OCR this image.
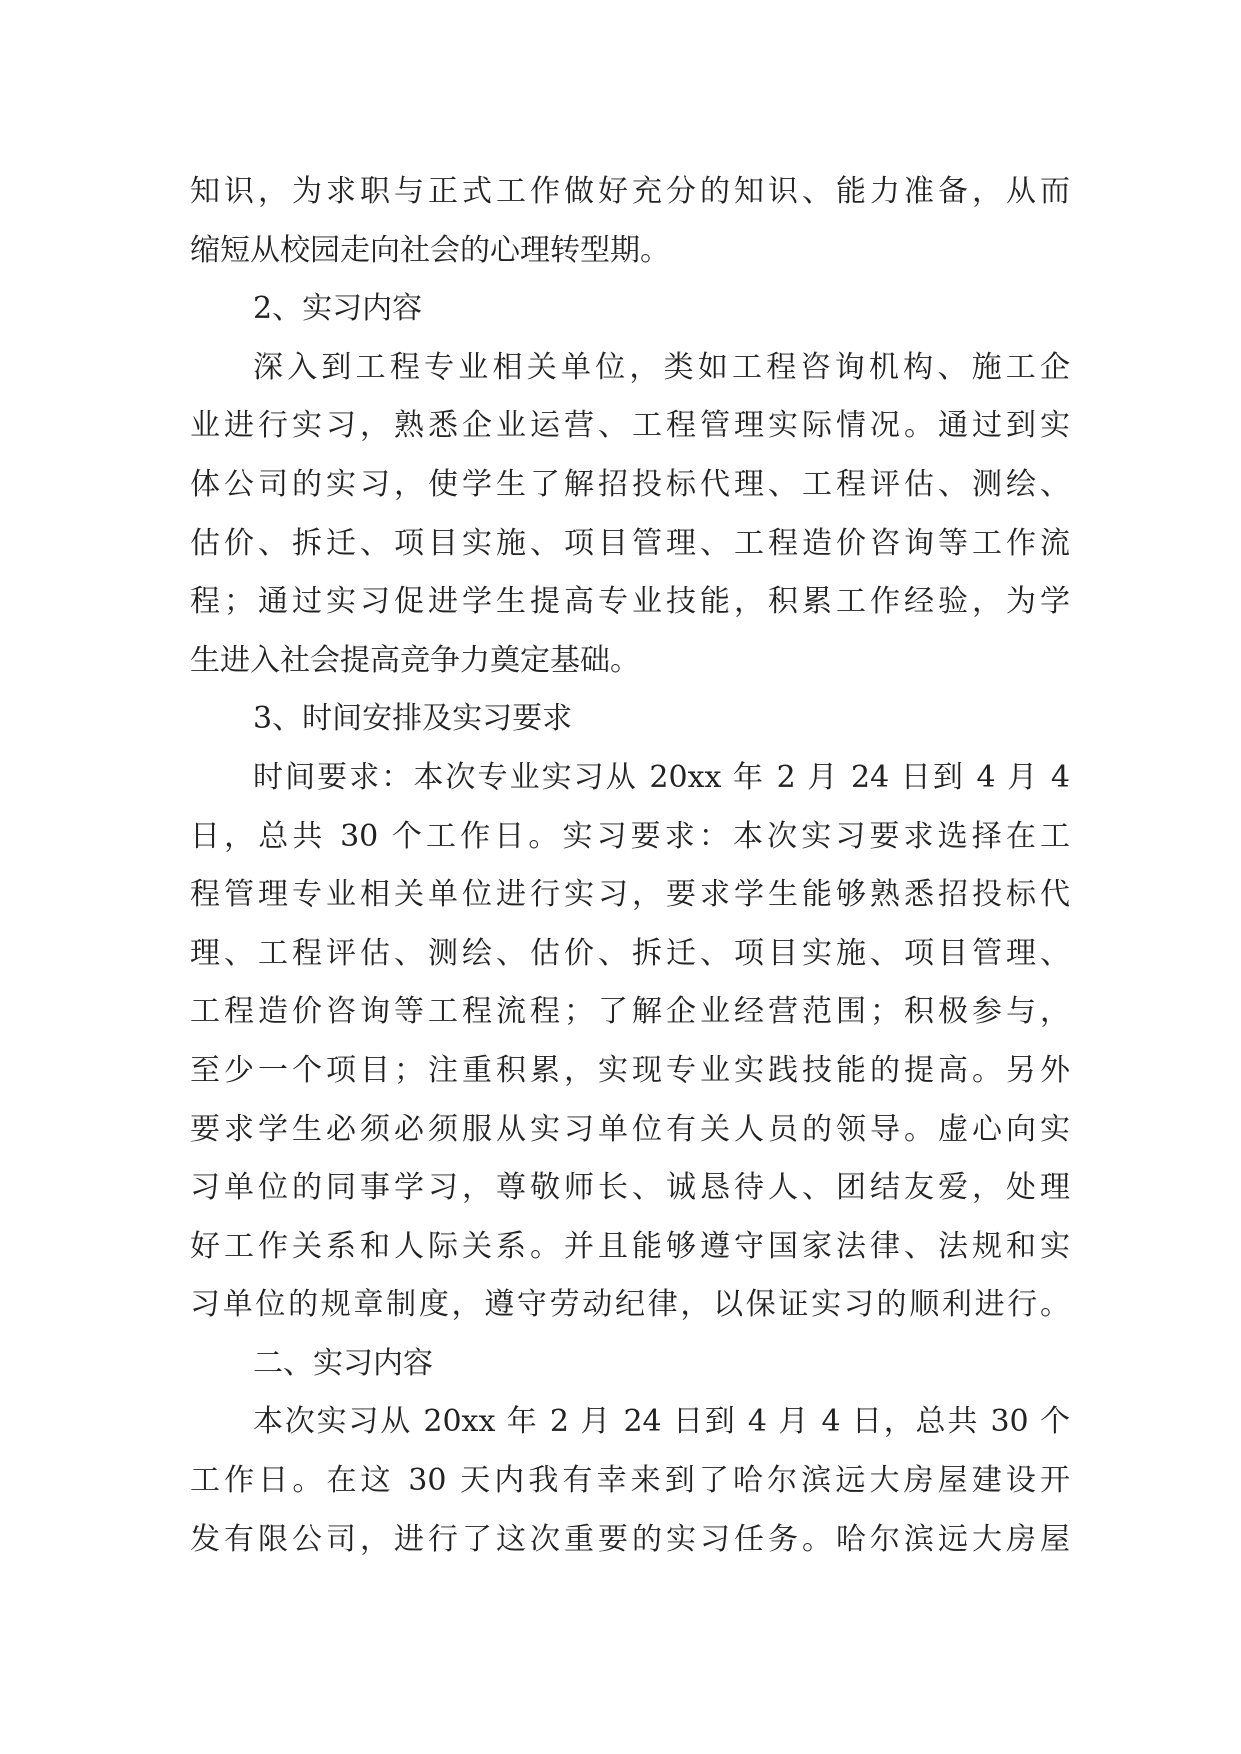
知识，为求职与正式工作做好充分的知识、能力准备，从而
缩短从校园走向社会的心理转型期。
2、实习内容
深入到工程专业相关单位，类如工程咨询机构、施工企
业进行实习，熟悉企业运营、工程管理实际情况。通过到实
体公司的实习，使学生了解招投标代理、工程评估、测绘、
估价、拆迁、项目实施、项目管理、工程造价咨询等工作流
程；通过实习促进学生提高专业技能，积累工作经验，为学
生进入社会提高竞争力奠定基础。
3、时间安排及实习要求
时间要求：本次专业实习从 20xx 年 2 月 24 日到 4 月 4
日，总共 30 个工作日。实习要求：本次实习要求选择在工
程管理专业相关单位进行实习，要求学生能够熟悉招投标代
理、工程评估、测绘、估价、拆迁、项目实施、项目管理、
工程造价咨询等工程流程；了解企业经营范围；积极参与，
至少一个项目；注重积累，实现专业实践技能的提高。另外
要求学生必须必须服从实习单位有关人员的领导。虚心向实
习单位的同事学习，尊敬师长、诚恳待人、团结友爱，处理
好工作关系和人际关系。并且能够遵守国家法律、法规和实
习单位的规章制度，遵守劳动纪律，以保证实习的顺利进行。
二、实习内容
本次实习从 20xx 年 2 月 24 日到 4 月 4 日，总共 30 个
工作日。在这 30 天内我有幸来到了哈尔滨远大房屋建设开
发有限公司，进行了这次重要的实习任务。哈尔滨远大房屋
